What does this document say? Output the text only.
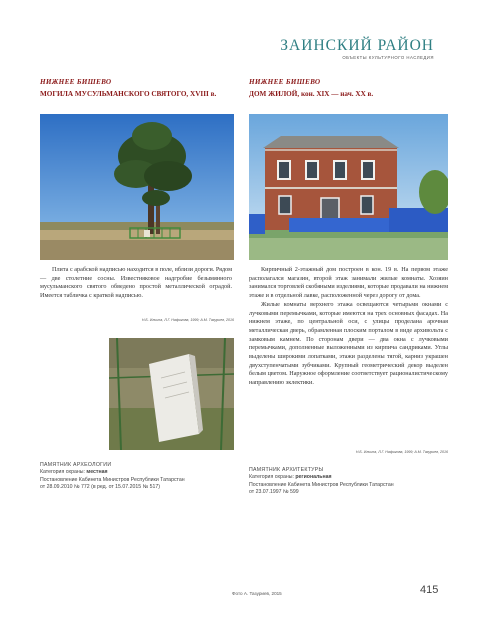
ЗАИНСКИЙ РАЙОН
ОБЪЕКТЫ КУЛЬТУРНОГО НАСЛЕДИЯ
НИЖНЕЕ БИШЕВО
МОГИЛА МУСУЛЬМАНСКОГО СВЯТОГО, XVIII в.
НИЖНЕЕ БИШЕВО
ДОМ ЖИЛОЙ, кон. XIX — нач. XX в.

Плита с арабской надписью находится в поле, вблизи дороги. Рядом — две столетние сосны. Известняковое надгробие безымянного мусульманского святого обведено простой металлической оградой. Имеется табличка с краткой надписью.

Н.Б. Ильина, Л.Г. Нафигова, 1999; А.М. Тазуриев, 2016

Кирпичный 2-этажный дом построен в кон. 19 в. На первом этаже располагался магазин, второй этаж занимали жилые комнаты. Хозяин занимался торговлей скобяными изделиями, которые продавали на нижнем этаже и в отдельной лавке, расположенной через дорогу от дома.

Жилые комнаты верхнего этажа освещаются четырьмя окнами с лучковыми перемычками, которые имеются на трех основных фасадах. На нижнем этаже, по центральной оси, с улицы проделана арочная металлическая дверь, обрамленная плоским порталом в виде архивольта с замковым камнем. По сторонам двери — два окна с лучковыми перемычками, дополненные выложенными из кирпича сандриками. Углы выделены широкими лопатками, этажи разделены тягой, карниз украшен двухступенчатыми зубчиками. Крупный геометрический декор выделен белым цветом. Наружное оформление соответствует рационалистическому направлению эклектики.

Н.Б. Ильина, Л.Г. Нафигова, 1999; А.М. Тазуриев, 2016
ПАМЯТНИК АРХЕОЛОГИИ
Категория охраны: местная
Постановление Кабинета Министров Республики Татарстан
от 28.09.2010 № 772 (в ред. от 15.07.2015 № 517)
ПАМЯТНИК АРХИТЕКТУРЫ
Категория охраны: региональная
Постановление Кабинета Министров Республики Татарстан
от 23.07.1997 № 599
Фото А. Тазуриев, 2015	415
